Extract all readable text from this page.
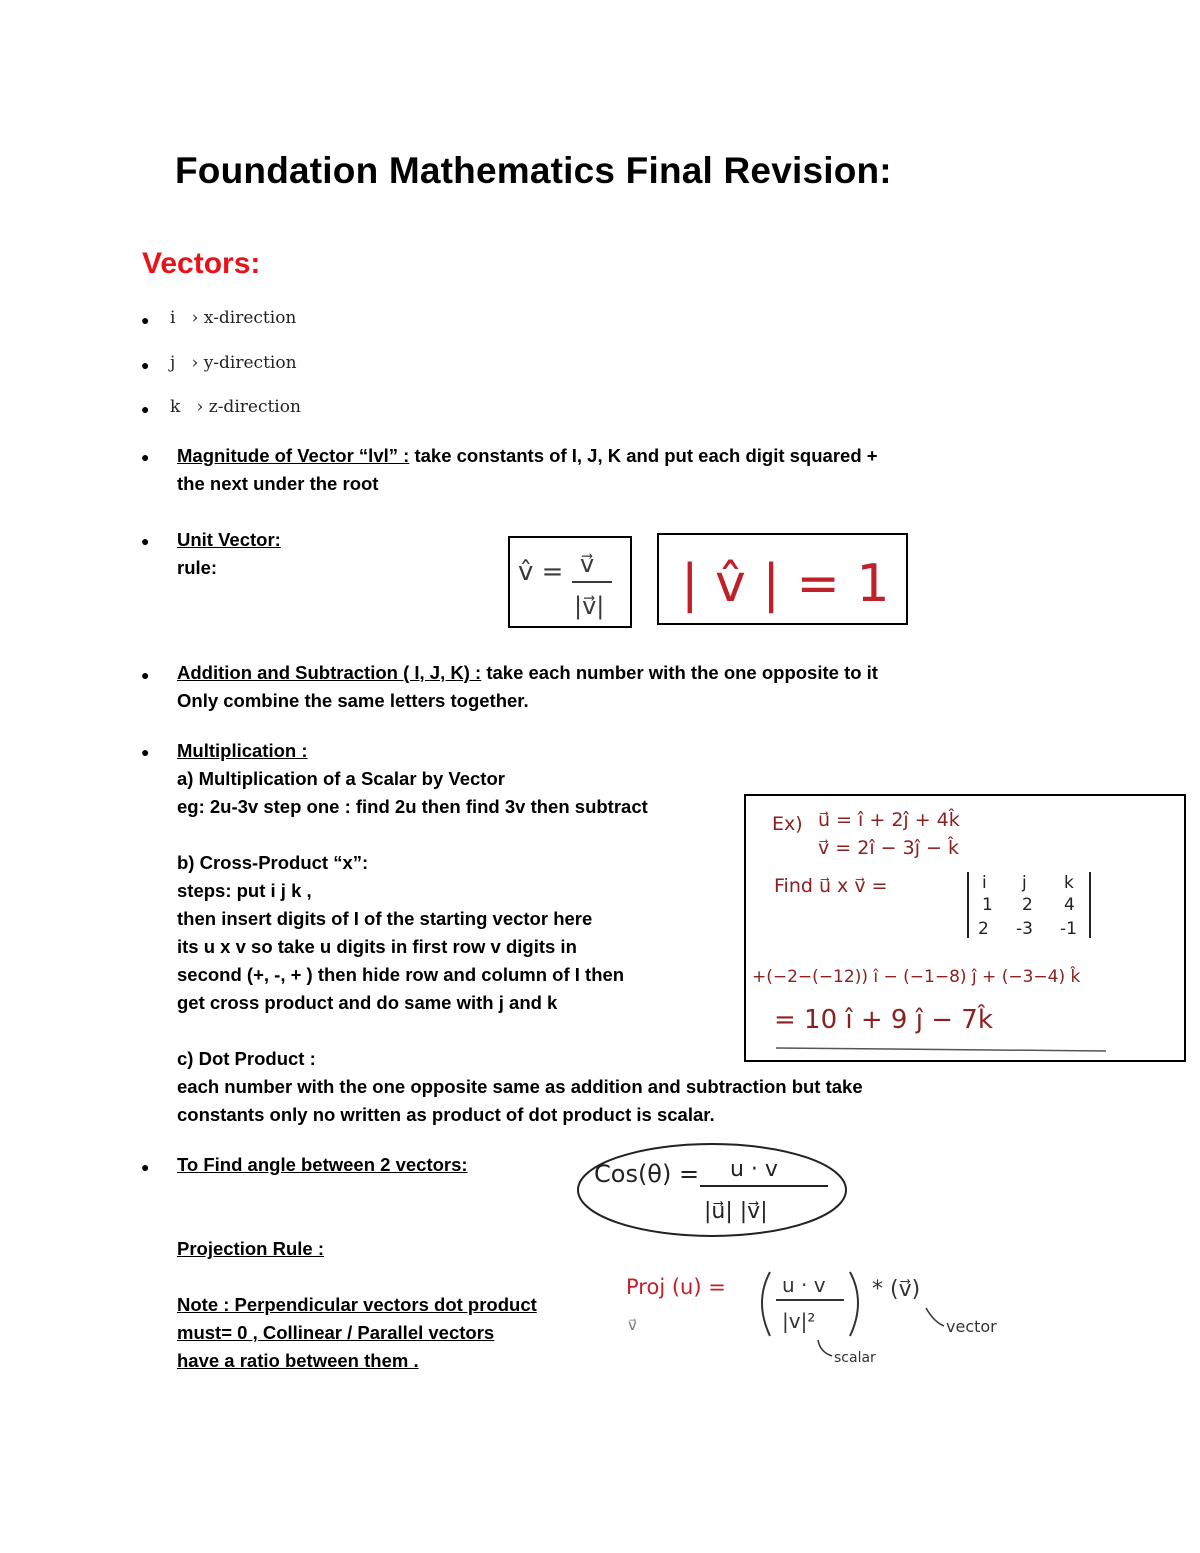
Foundation Mathematics Final Revision:
Vectors:
● i   › x-direction
● j   › y-direction
● k   › z-direction
● Magnitude of Vector “lvl” : take constants of I, J, K and put each digit squared +
the next under the root
● Unit Vector:
rule:	v̂ = v⃗
|v⃗| | v̂ | = 1
● Addition and Subtraction ( I, J, K) : take each number with the one opposite to it
Only combine the same letters together.
● Multiplication :
a) Multiplication of a Scalar by Vector
eg: 2u-3v step one : find 2u then find 3v then subtract

b) Cross-Product “x”:
steps: put i j k ,
then insert digits of I of the starting vector here
its u x v so take u digits in first row v digits in
second (+, -, + ) then hide row and column of I then
get cross product and do same with j and k

c) Dot Product :
each number with the one opposite same as addition and subtraction but take
constants only no written as product of dot product is scalar.
Ex) u⃗ = î + 2ĵ + 4k̂
v⃗ = 2î − 3ĵ − k̂
Find u⃗ x v⃗ =	i j k
1 2 4
2 -3 -1
+(−2−(−12)) î − (−1−8) ĵ + (−3−4) k̂
= 10 î + 9 ĵ − 7k̂
● To Find angle between 2 vectors:	Cos(θ) = u · v
|u⃗| |v⃗|
Projection Rule :

Note : Perpendicular vectors dot product
must= 0 , Collinear / Parallel vectors
have a ratio between them .
Proj (u) =
v⃗
u · v
|v|²
* (v⃗)
vector
scalar
